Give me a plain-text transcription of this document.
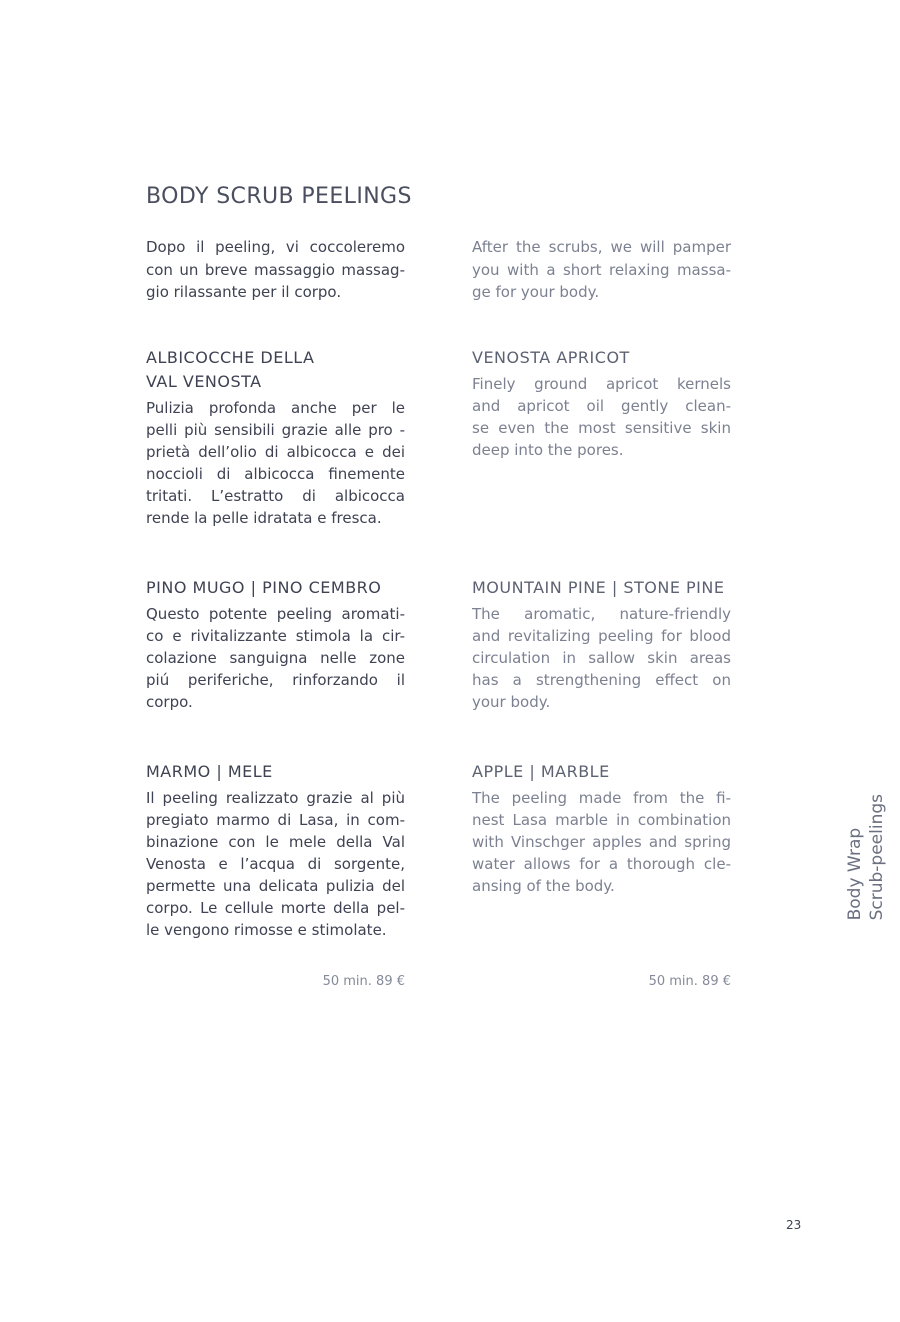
BODY SCRUB PEELINGS

Dopo il peeling, vi coccoleremo
con un breve massaggio massag-
gio rilassante per il corpo.

ALBICOCCHE DELLA
VAL VENOSTA

Pulizia profonda anche per le
pelli più sensibili grazie alle pro -
prietà dell’olio di albicocca e dei
noccioli di albicocca finemente
tritati. L’estratto di albicocca
rende la pelle idratata e fresca.

PINO MUGO | PINO CEMBRO

Questo potente peeling aromati-
co e rivitalizzante stimola la cir-
colazione sanguigna nelle zone
piú periferiche, rinforzando il
corpo.

MARMO | MELE

Il peeling realizzato grazie al più
pregiato marmo di Lasa, in com-
binazione con le mele della Val
Venosta e l’acqua di sorgente,
permette una delicata pulizia del
corpo. Le cellule morte della pel-
le vengono rimosse e stimolate.

50 min. 89 €

After the scrubs, we will pamper
you with a short relaxing massa-
ge for your body.

VENOSTA APRICOT

Finely ground apricot kernels
and apricot oil gently clean-
se even the most sensitive skin
deep into the pores.

MOUNTAIN PINE | STONE PINE

The aromatic, nature-friendly
and revitalizing peeling for blood
circulation in sallow skin areas
has a strengthening effect on
your body.

APPLE | MARBLE

The peeling made from the fi-
nest Lasa marble in combination
with Vinschger apples and spring
water allows for a thorough cle-
ansing of the body.

50 min. 89 €
Body Wrap Scrub-peelings
23
